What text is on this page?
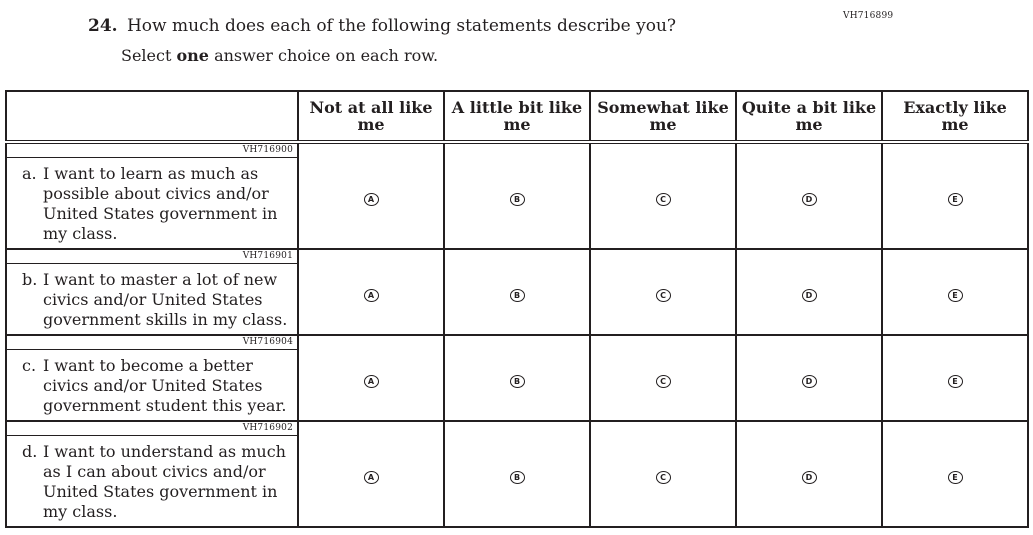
24. How much does each of the following statements describe you?
Select one answer choice on each row.
VH716899
	Not at all like me	A little bit like me	Somewhat like me	Quite a bit like me	Exactly like me

VH716900
a. I want to learn as much as possible about civics and/or United States government in my class.	A	B	C	D	E

VH716901
b. I want to master a lot of new civics and/or United States government skills in my class.	A	B	C	D	E

VH716904
c. I want to become a better civics and/or United States government student this year.	A	B	C	D	E

VH716902
d. I want to understand as much as I can about civics and/or United States government in my class.	A	B	C	D	E
